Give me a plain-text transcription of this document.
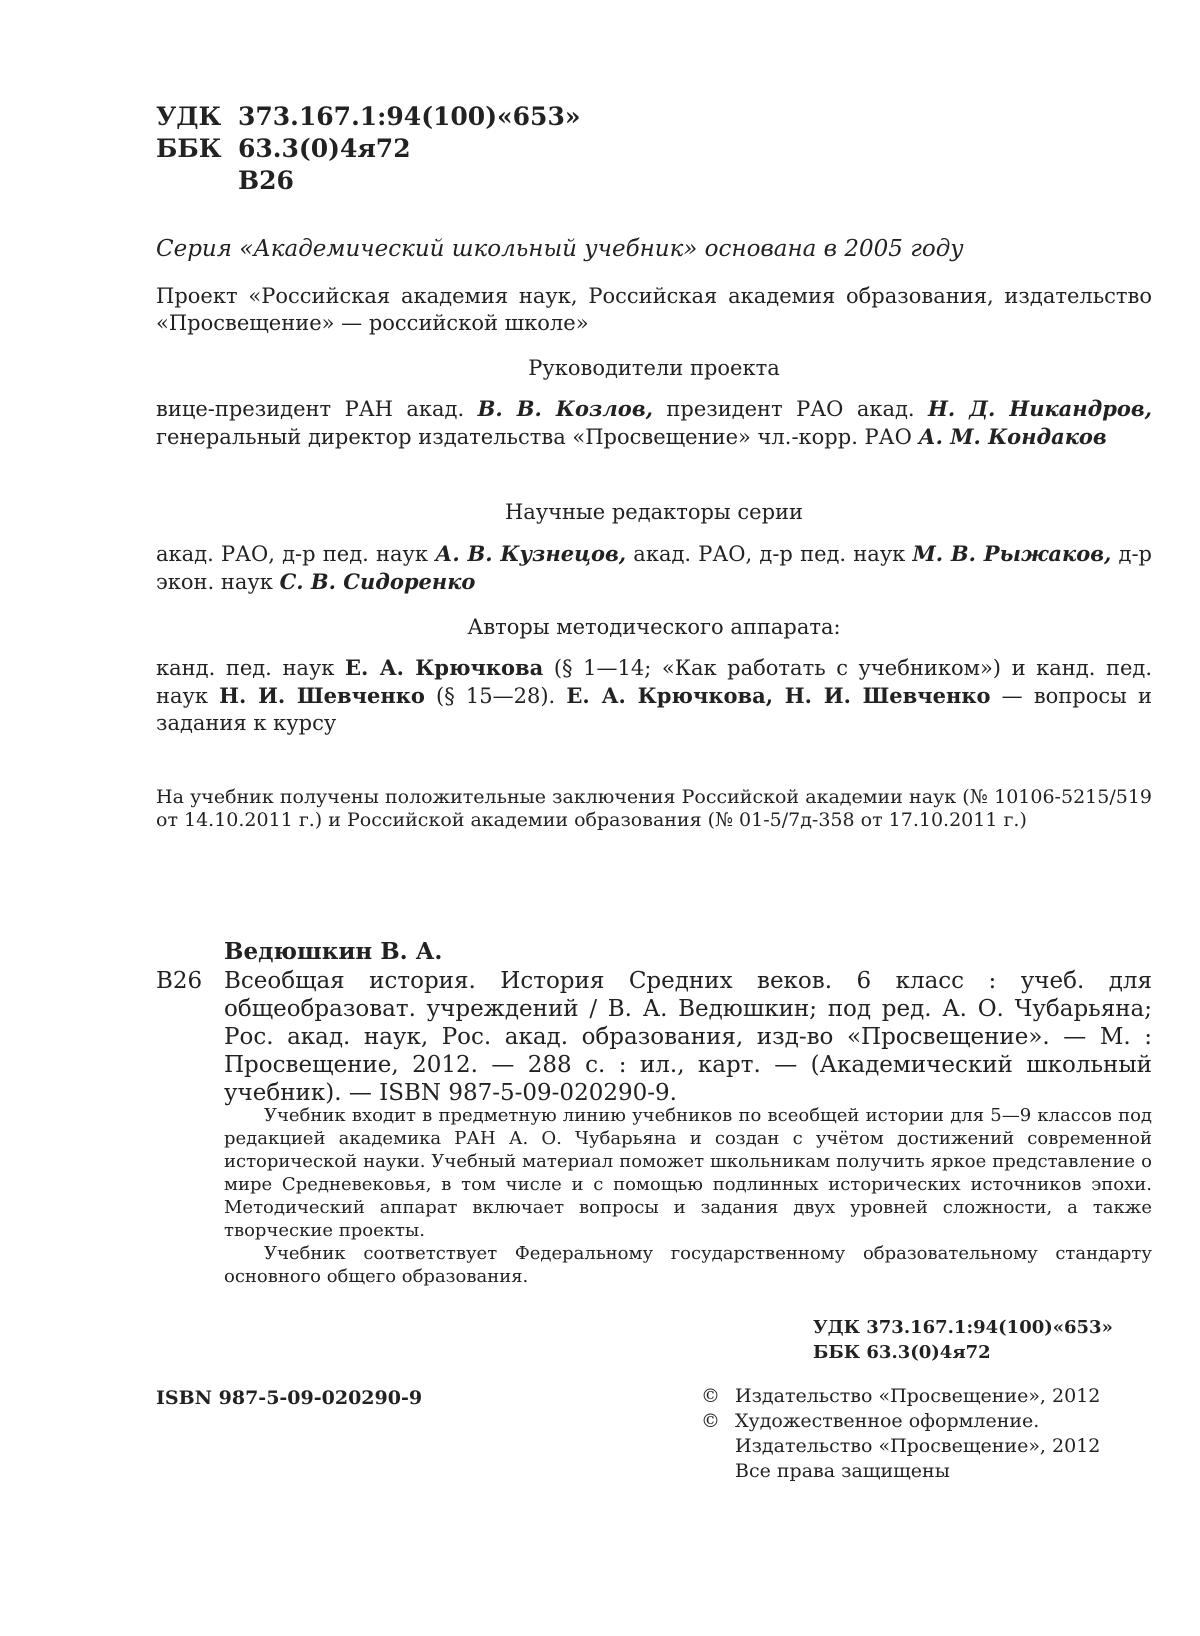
УДК 373.167.1:94(100)«653»
ББК 63.3(0)4я72
В26

Серия «Академический школьный учебник» основана в 2005 году

Проект «Российская академия наук, Российская академия образования, издательство «Просвещение» — российской школе»

Руководители проекта

вице-президент РАН акад. В. В. Козлов, президент РАО акад. Н. Д. Никандров, генеральный директор издательства «Просвещение» чл.-корр. РАО А. М. Кондаков

Научные редакторы серии

акад. РАО, д-р пед. наук А. В. Кузнецов, акад. РАО, д-р пед. наук М. В. Рыжаков, д-р экон. наук С. В. Сидоренко

Авторы методического аппарата:

канд. пед. наук Е. А. Крючкова (§ 1—14; «Как работать с учебником») и канд. пед. наук Н. И. Шевченко (§ 15—28). Е. А. Крючкова, Н. И. Шевченко — вопросы и задания к курсу

На учебник получены положительные заключения Российской академии наук (№ 10106-5215/519 от 14.10.2011 г.) и Российской академии образования (№ 01-5/7д-358 от 17.10.2011 г.)

Ведюшкин В. А.
В26 Всеобщая история. История Средних веков. 6 класс : учеб. для общеобразоват. учреждений / В. А. Ведюшкин; под ред. А. О. Чубарьяна; Рос. акад. наук, Рос. акад. образования, изд-во «Просвещение». — М. : Просвещение, 2012. — 288 с. : ил., карт. — (Академический школьный учебник). — ISBN 987-5-09-020290-9.

Учебник входит в предметную линию учебников по всеобщей истории для 5—9 классов под редакцией академика РАН А. О. Чубарьяна и создан с учётом достижений современной исторической науки. Учебный материал поможет школьникам получить яркое представление о мире Средневековья, в том числе и с помощью подлинных исторических источников эпохи. Методический аппарат включает вопросы и задания двух уровней сложности, а также творческие проекты.

Учебник соответствует Федеральному государственному образовательному стандарту основного общего образования.

УДК 373.167.1:94(100)«653»
ББК 63.3(0)4я72
ISBN 987-5-09-020290-9	© Издательство «Просвещение», 2012
© Художественное оформление.
Издательство «Просвещение», 2012
Все права защищены
